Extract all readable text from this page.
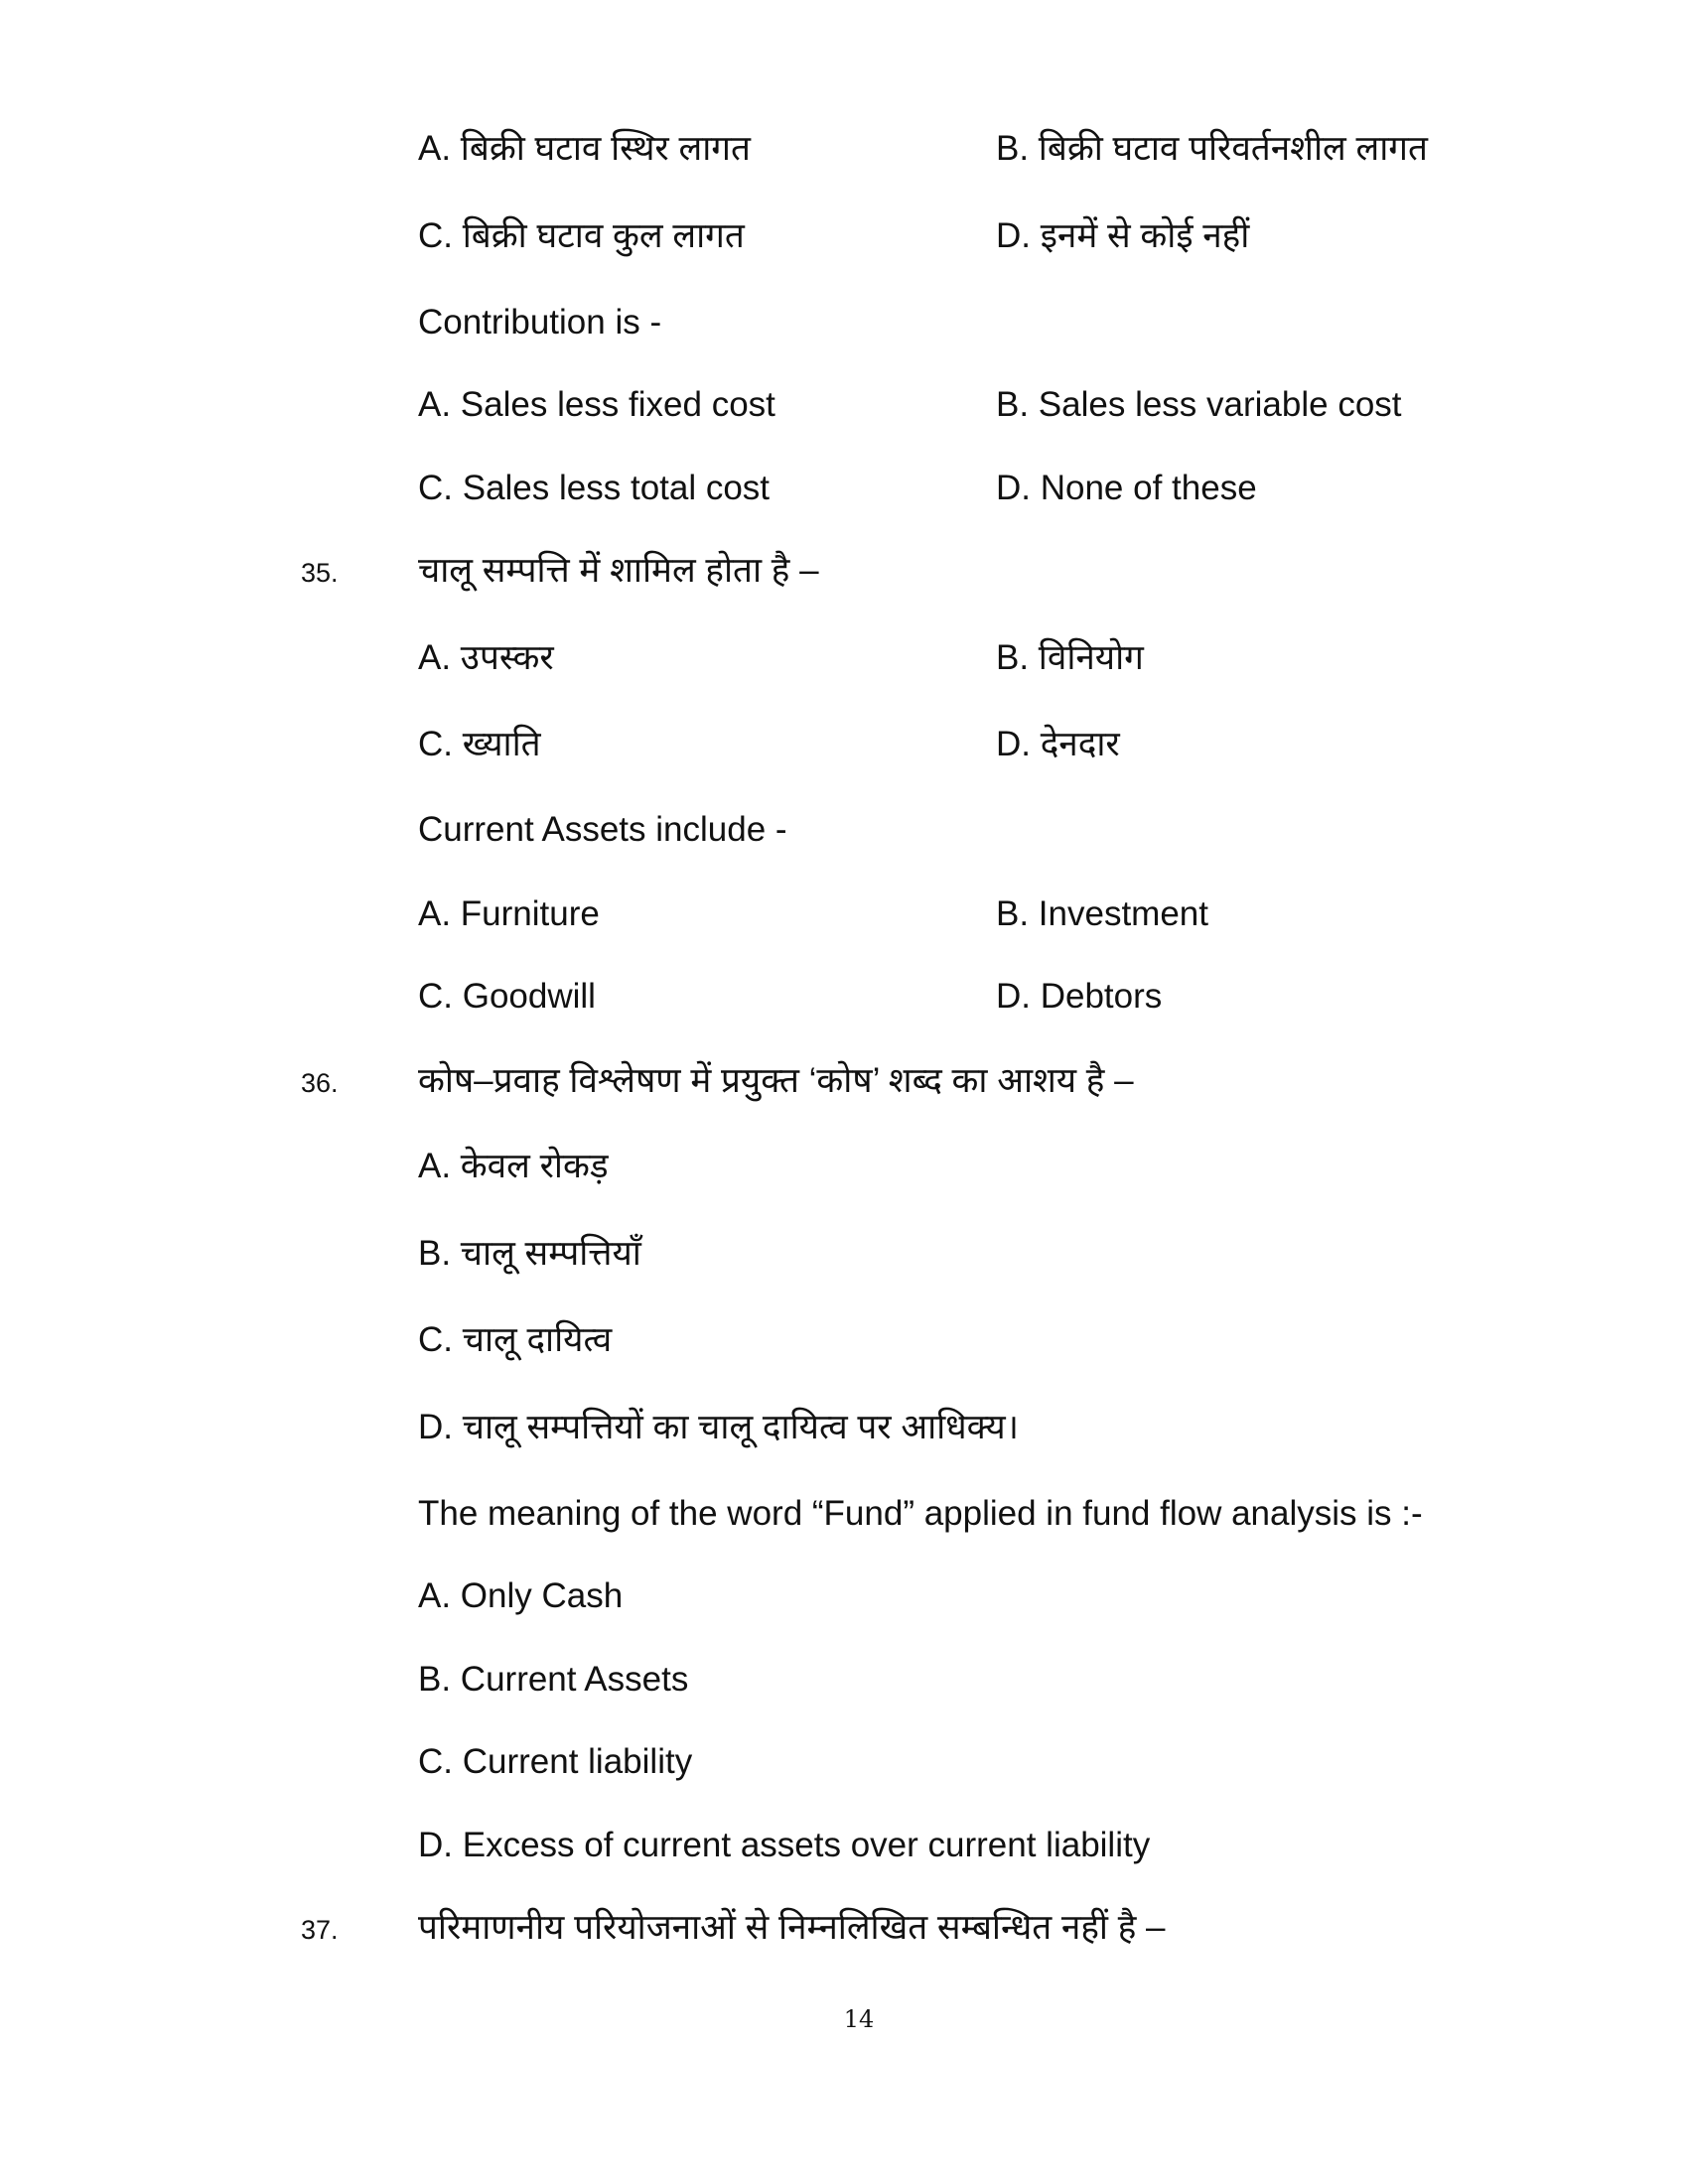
A. बिक्री घटाव स्थिर लागत	B. बिक्री घटाव परिवर्तनशील लागत
C. बिक्री घटाव कुल लागत	D. इनमें से कोई नहीं
Contribution is -
A. Sales less fixed cost	B. Sales less variable cost
C. Sales less total cost	D. None of these
35. चालू सम्पत्ति में शामिल होता है –
A. उपस्कर	B. विनियोग
C. ख्याति	D. देनदार
Current Assets include -
A. Furniture	B. Investment
C. Goodwill	D. Debtors
36. कोष–प्रवाह विश्लेषण में प्रयुक्त ‘कोष’ शब्द का आशय है –
A. केवल रोकड़
B. चालू सम्पत्तियाँ
C. चालू दायित्व
D. चालू सम्पत्तियों का चालू दायित्व पर आधिक्य।
The meaning of the word “Fund” applied in fund flow analysis is :-
A. Only Cash
B. Current Assets
C. Current liability
D. Excess of current assets over current liability
37. परिमाणनीय परियोजनाओं से निम्नलिखित सम्बन्धित नहीं है –
14
